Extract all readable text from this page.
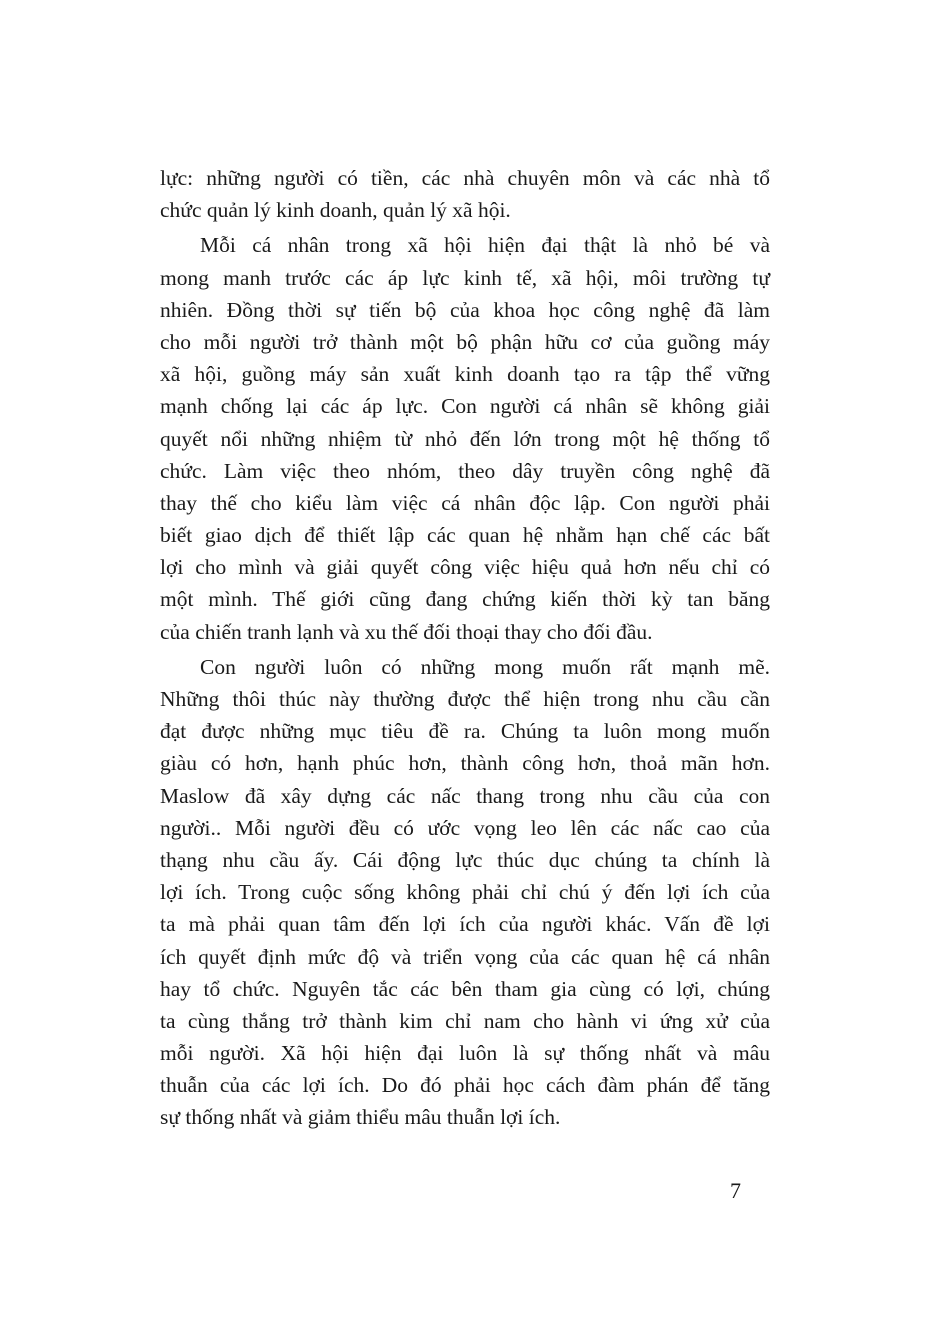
lực: những người có tiền, các nhà chuyên môn và các nhà tổ
chức quản lý kinh doanh, quản lý xã hội.
Mỗi cá nhân trong xã hội hiện đại thật là nhỏ bé và
mong manh trước các áp lực kinh tế, xã hội, môi trường tự
nhiên. Đồng thời sự tiến bộ của khoa học công nghệ đã làm
cho mỗi người trở thành một bộ phận hữu cơ của guồng máy
xã hội, guồng máy sản xuất kinh doanh tạo ra tập thể vững
mạnh chống lại các áp lực. Con người cá nhân sẽ không giải
quyết nổi những nhiệm từ nhỏ đến lớn trong một hệ thống tổ
chức. Làm việc theo nhóm, theo dây truyền công nghệ đã
thay thế cho kiểu làm việc cá nhân độc lập. Con người phải
biết giao dịch để thiết lập các quan hệ nhằm hạn chế các bất
lợi cho mình và giải quyết công việc hiệu quả hơn nếu chỉ có
một mình. Thế giới cũng đang chứng kiến thời kỳ tan băng
của chiến tranh lạnh và xu thế đối thoại thay cho đối đầu.
Con người luôn có những mong muốn rất mạnh mẽ.
Những thôi thúc này thường được thể hiện trong nhu cầu cần
đạt được những mục tiêu đề ra. Chúng ta luôn mong muốn
giàu có hơn, hạnh phúc hơn, thành công hơn, thoả mãn hơn.
Maslow đã xây dựng các nấc thang trong nhu cầu của con
người.. Mỗi người đều có ước vọng leo lên các nấc cao của
thạng nhu cầu ấy. Cái động lực thúc dục chúng ta chính là
lợi ích. Trong cuộc sống không phải chỉ chú ý đến lợi ích của
ta mà phải quan tâm đến lợi ích của người khác. Vấn đề lợi
ích quyết định mức độ và triển vọng của các quan hệ cá nhân
hay tổ chức. Nguyên tắc các bên tham gia cùng có lợi, chúng
ta cùng thắng trở thành kim chỉ nam cho hành vi ứng xử của
mỗi người. Xã hội hiện đại luôn là sự thống nhất và mâu
thuẫn của các lợi ích. Do đó phải học cách đàm phán để tăng
sự thống nhất và giảm thiểu mâu thuẫn lợi ích.
7
